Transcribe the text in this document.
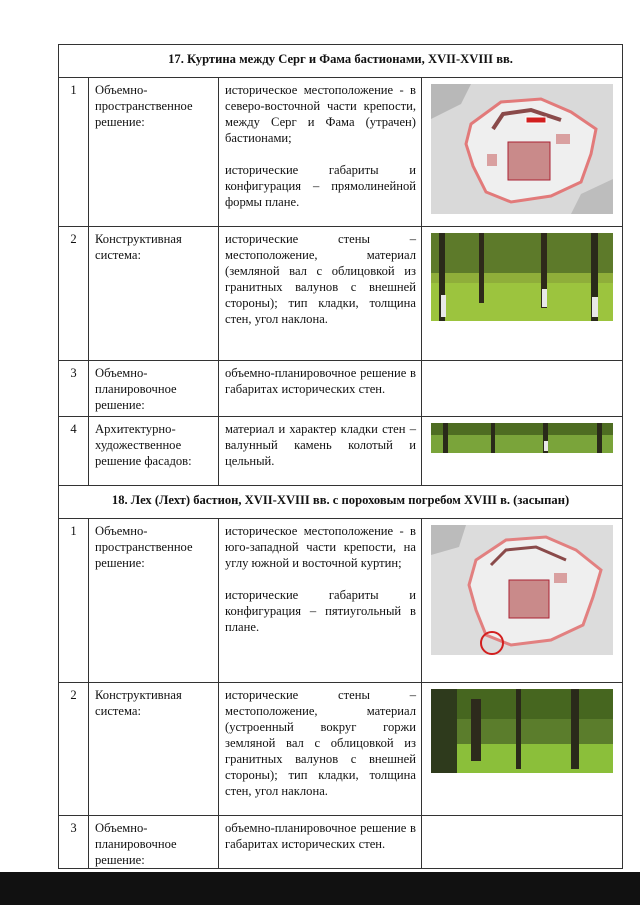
17. Куртина между Серг и Фама бастионами, XVII-XVIII вв.			
1	Объемно-пространственное решение:	историческое местоположение - в северо-восточной части крепости, между Серг и Фама (утрачен) бастионами;

исторические габариты и конфигурация – прямолинейной формы плане.

2	Конструктивная система:	исторические стены – местоположение, материал (земляной вал с облицовкой из гранитных валунов с внешней стороны); тип кладки, толщина стен, угол наклона.

3	Объемно-планировочное решение:	объемно-планировочное решение в габаритах исторических стен.	

4	Архитектурно-художественное решение фасадов:	материал и характер кладки стен – валунный камень колотый и цельный.

18. Лех (Лехт) бастион, XVII-XVIII вв. с пороховым погребом XVIII в. (засыпан)			
1	Объемно-пространственное решение:	историческое местоположение - в юго-западной части крепости, на углу южной и восточной куртин;

исторические габариты и конфигурация – пятиугольный в плане.

2	Конструктивная система:	исторические стены – местоположение, материал (устроенный вокруг горжи земляной вал с облицовкой из гранитных валунов с внешней стороны); тип кладки, толщина стен, угол наклона.

3	Объемно-планировочное решение:	объемно-планировочное решение в габаритах исторических стен.	
